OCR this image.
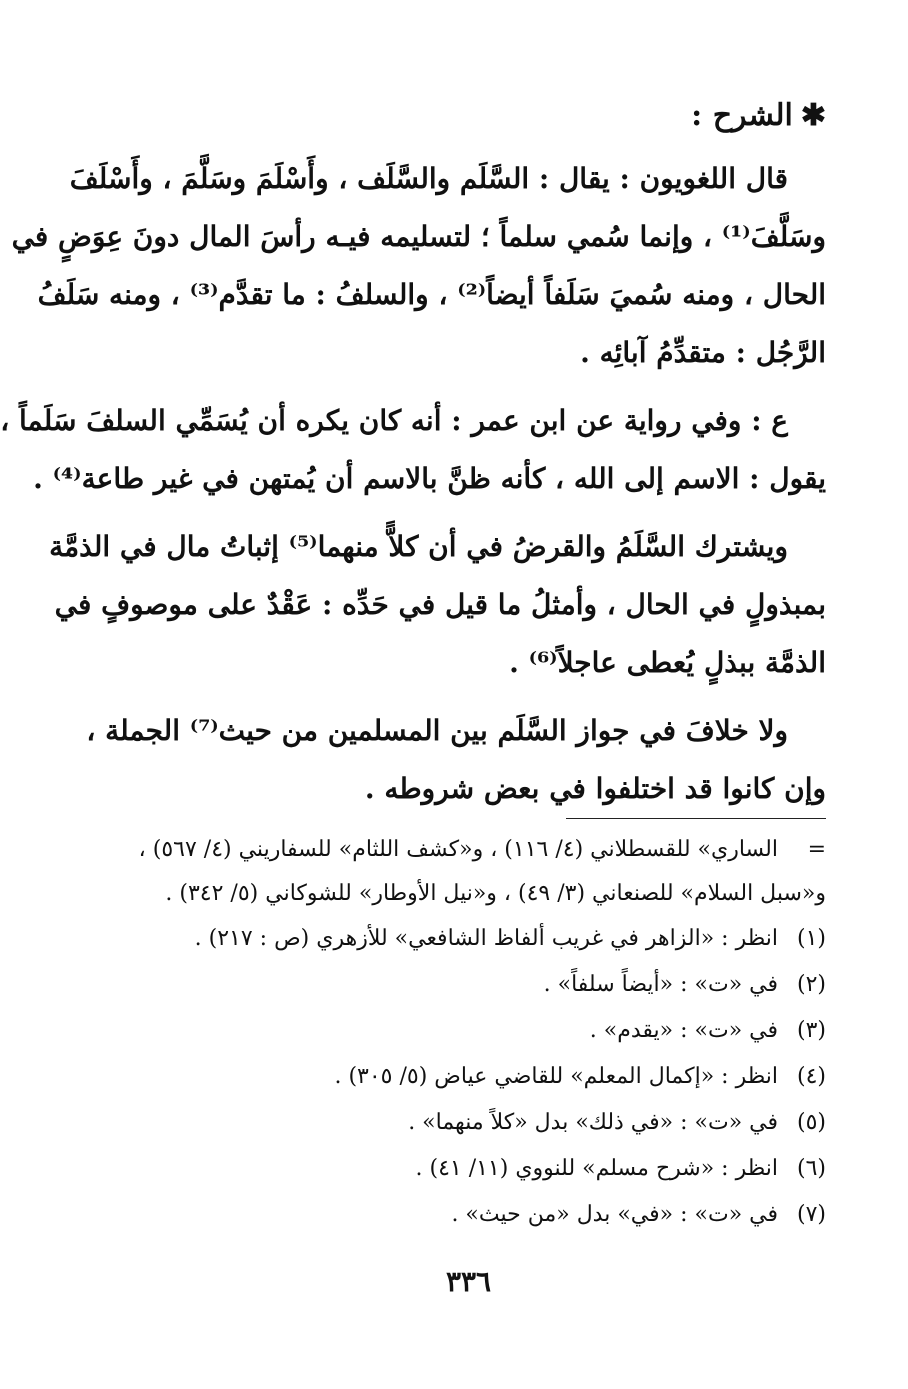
✱الشرح :

قال اللغويون : يقال : السَّلَم والسَّلَف ، وأَسْلَمَ وسَلَّمَ ، وأَسْلَفَ
وسَلَّفَ⁽¹⁾ ، وإنما سُمي سلماً ؛ لتسليمه فيـه رأسَ المال دونَ عِوَضٍ في
الحال ، ومنه سُميَ سَلَفاً أيضاً⁽²⁾ ، والسلفُ : ما تقدَّم⁽³⁾ ، ومنه سَلَفُ
الرَّجُل : متقدِّمُ آبائِه .

ع : وفي رواية عن ابن عمر : أنه كان يكره أن يُسَمِّي السلفَ سَلَماً ،
يقول : الاسم إلى الله ، كأنه ظنَّ بالاسم أن يُمتهن في غير طاعة⁽⁴⁾ .

ويشترك السَّلَمُ والقرضُ في أن كلاًّ منهما⁽⁵⁾ إثباتُ مال في الذمَّة
بمبذولٍ في الحال ، وأمثلُ ما قيل في حَدِّه : عَقْدٌ على موصوفٍ في
الذمَّة ببذلٍ يُعطى عاجلاً⁽⁶⁾ .

ولا خلافَ في جواز السَّلَم بين المسلمين من حيث⁽⁷⁾ الجملة ،
وإن كانوا قد اختلفوا في بعض شروطه .

= الساري» للقسطلاني (٤/ ١١٦) ، و«كشف اللثام» للسفاريني (٤/ ٥٦٧) ،
و«سبل السلام» للصنعاني (٣/ ٤٩) ، و«نيل الأوطار» للشوكاني (٥/ ٣٤٢) .
(١)
انظر : «الزاهر في غريب ألفاظ الشافعي» للأزهري (ص : ٢١٧) .
(٢)
في «ت» : «أيضاً سلفاً» .
(٣)
في «ت» : «يقدم» .
(٤)
انظر : «إكمال المعلم» للقاضي عياض (٥/ ٣٠٥) .
(٥)
في «ت» : «في ذلك» بدل «كلاً منهما» .
(٦)
انظر : «شرح مسلم» للنووي (١١/ ٤١) .
(٧)
في «ت» : «في» بدل «من حيث» .
٣٣٦
